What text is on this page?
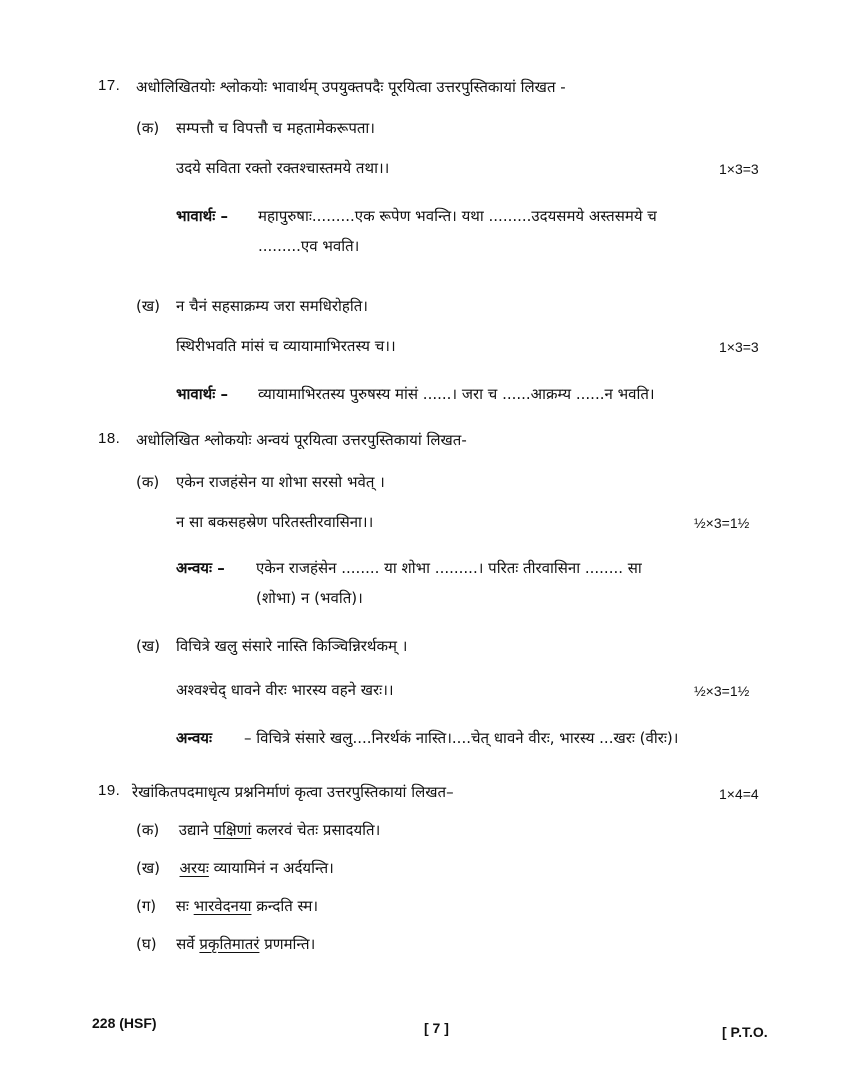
17. अधोलिखितयोः श्लोकयोः भावार्थम् उपयुक्तपदैः पूरयित्वा उत्तरपुस्तिकायां लिखत -
(क) सम्पत्तौ च विपत्तौ च महतामेकरूपता।
उदये सविता रक्तो रक्तश्चास्तमये तथा।।	1×3=3
भावार्थः – महापुरुषाः.........एक रूपेण भवन्ति। यथा .........उदयसमये अस्तसमये च
.........एव भवति।
(ख) न चैनं सहसाक्रम्य जरा समधिरोहति।
स्थिरीभवति मांसं च व्यायामाभिरतस्य च।।	1×3=3
भावार्थः – व्यायामाभिरतस्य पुरुषस्य मांसं ......। जरा च ......आक्रम्य ......न भवति।
18. अधोलिखित श्लोकयोः अन्वयं पूरयित्वा उत्तरपुस्तिकायां लिखत-
(क) एकेन राजहंसेन या शोभा सरसो भवेत् ।
न सा बकसहस्रेण परितस्तीरवासिना।।	½×3=1½
अन्वयः – एकेन राजहंसेन ........ या शोभा .........। परितः तीरवासिना ........ सा
(शोभा) न (भवति)।
(ख) विचित्रे खलु संसारे नास्ति किञ्चिन्निरर्थकम् ।
अश्वश्चेद् धावने वीरः भारस्य वहने खरः।।	½×3=1½
अन्वयः – विचित्रे संसारे खलु....निरर्थकं नास्ति।....चेत् धावने वीरः, भारस्य ...खरः (वीरः)।
19. रेखांकितपदमाधृत्य प्रश्ननिर्माणं कृत्वा उत्तरपुस्तिकायां लिखत–	1×4=4
(क) उद्याने पक्षिणां कलरवं चेतः प्रसादयति।
(ख) अरयः व्यायामिनं न अर्दयन्ति।
(ग) सः भारवेदनया क्रन्दति स्म।
(घ) सर्वे प्रकृतिमातरं प्रणमन्ति।
228 (HSF)	[ 7 ]	[ P.T.O.
